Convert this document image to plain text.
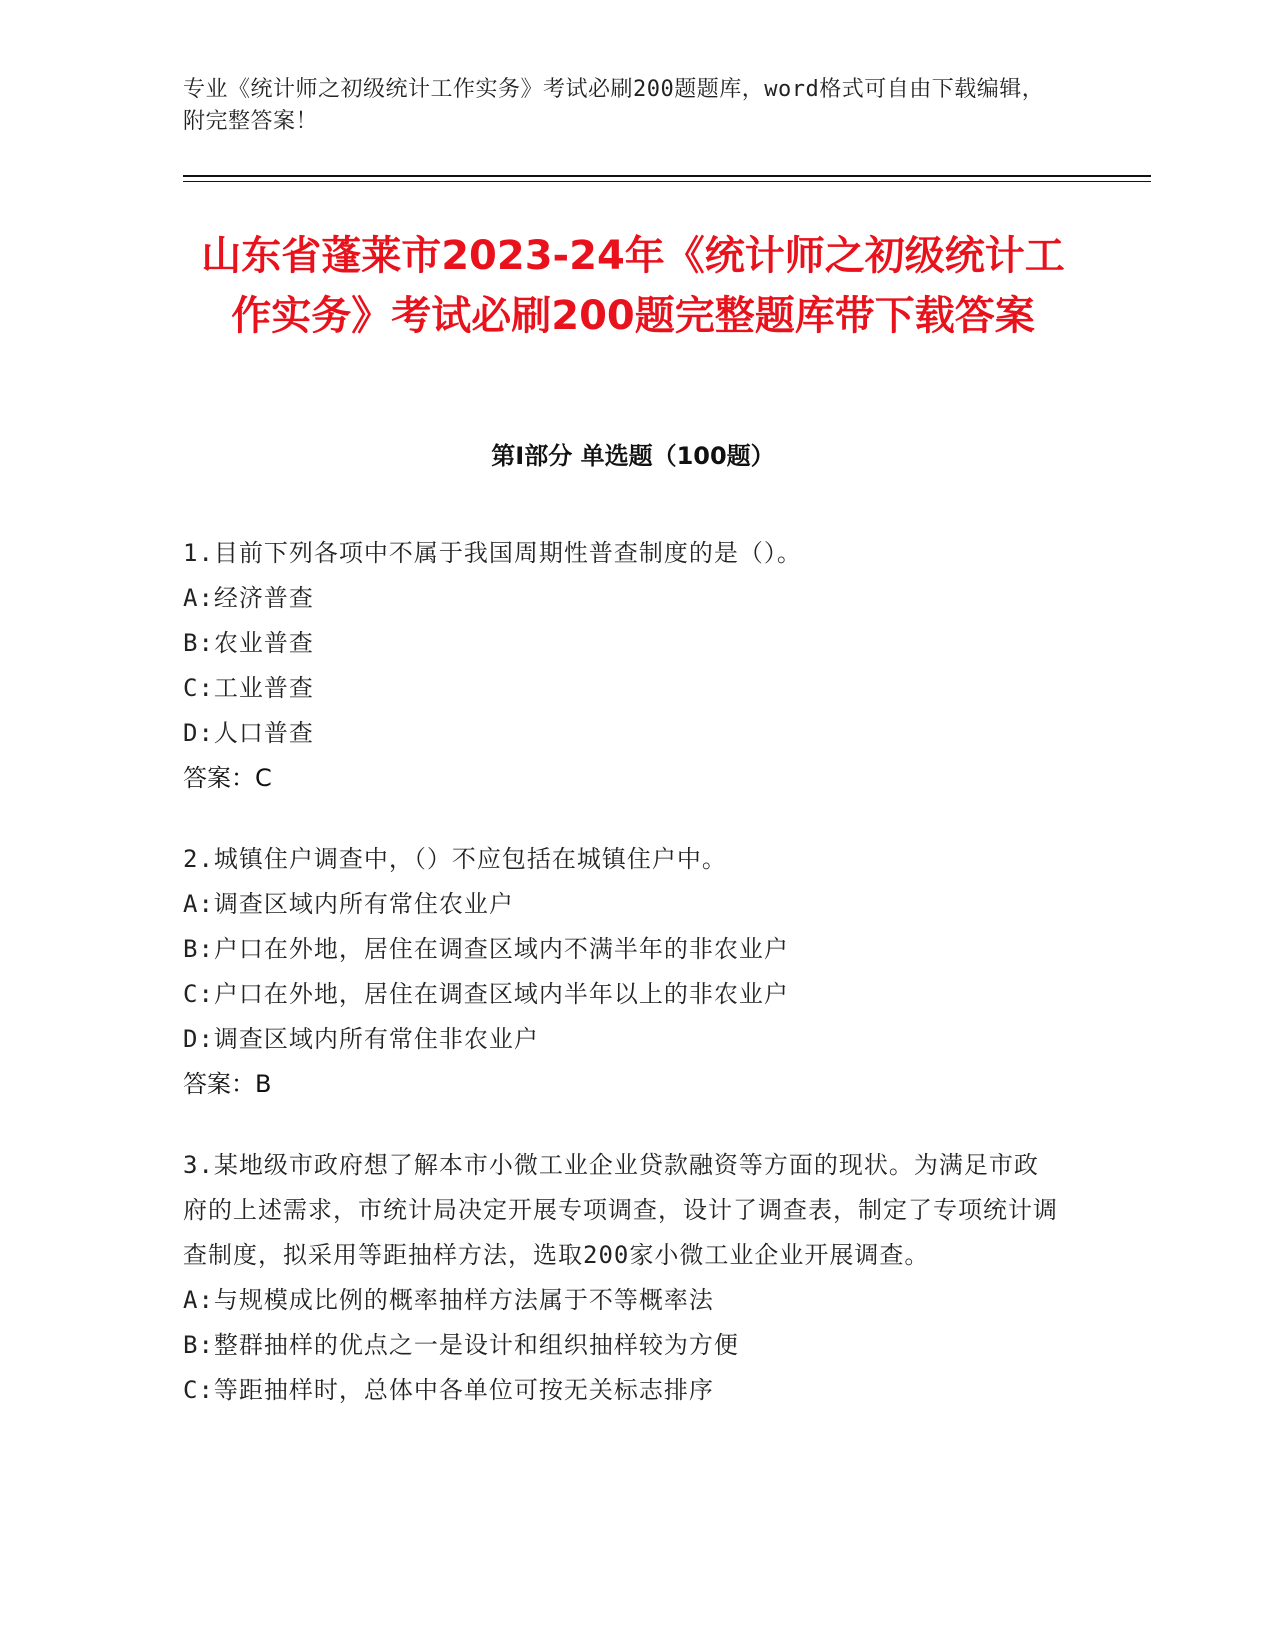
专业《统计师之初级统计工作实务》考试必刷200题题库，word格式可自由下载编辑，附完整答案！
山东省蓬莱市2023-24年《统计师之初级统计工作实务》考试必刷200题完整题库带下载答案
第Ⅰ部分 单选题（100题）
1.目前下列各项中不属于我国周期性普查制度的是（）。
A:经济普查
B:农业普查
C:工业普查
D:人口普查
答案：C
2.城镇住户调查中，（）不应包括在城镇住户中。
A:调查区域内所有常住农业户
B:户口在外地，居住在调查区域内不满半年的非农业户
C:户口在外地，居住在调查区域内半年以上的非农业户
D:调查区域内所有常住非农业户
答案：B
3.某地级市政府想了解本市小微工业企业贷款融资等方面的现状。为满足市政府的上述需求，市统计局决定开展专项调查，设计了调查表，制定了专项统计调查制度，拟采用等距抽样方法，选取200家小微工业企业开展调查。
A:与规模成比例的概率抽样方法属于不等概率法
B:整群抽样的优点之一是设计和组织抽样较为方便
C:等距抽样时，总体中各单位可按无关标志排序
